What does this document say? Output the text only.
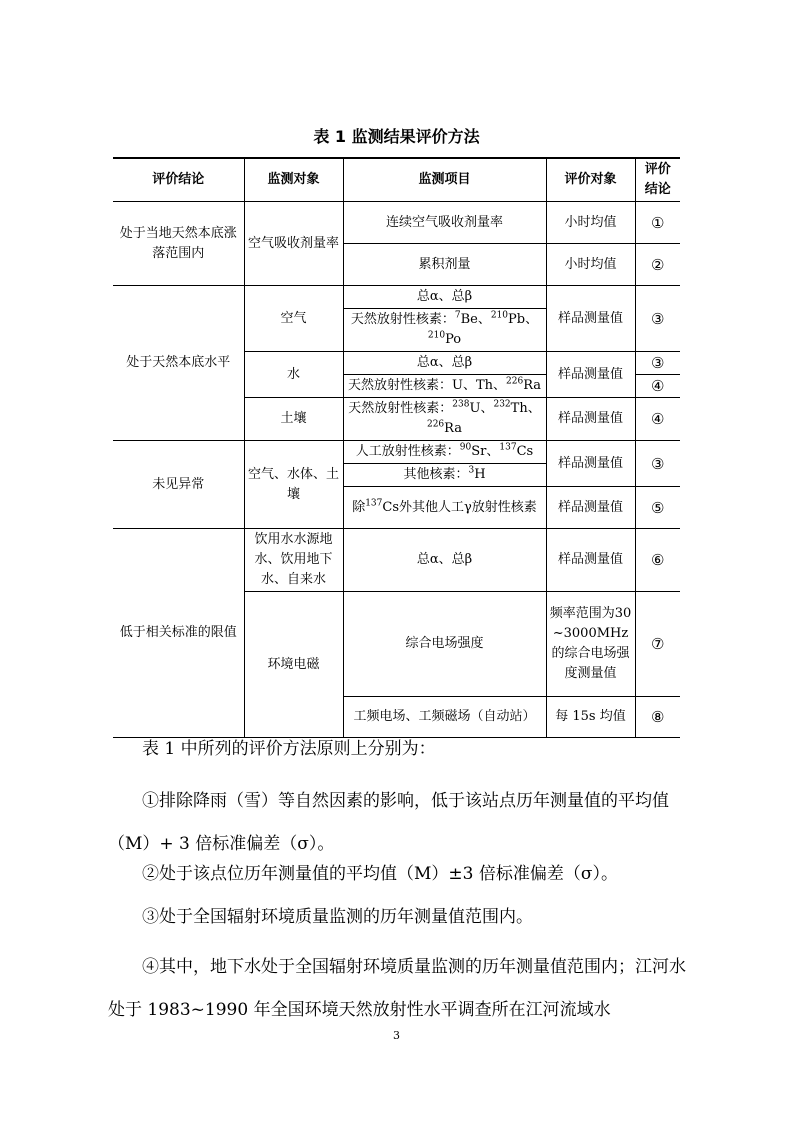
表 1 监测结果评价方法
评价结论	监测对象	监测项目	评价对象	评价结论
处于当地天然本底涨落范围内	空气吸收剂量率	连续空气吸收剂量率	小时均值	①
		累积剂量	小时均值	②
处于天然本底水平	空气	总α、总β	样品测量值	③
		天然放射性核素：$^7$Be、$^{210}$Pb、$^{210}$Po		
	水	总α、总β	样品测量值	③
		天然放射性核素：U、Th、$^{226}$Ra		④
	土壤	天然放射性核素：$^{238}$U、$^{232}$Th、$^{226}$Ra	样品测量值	④
未见异常	空气、水体、土壤	人工放射性核素：$^{90}$Sr、$^{137}$Cs	样品测量值	③
		其他核素：$^3$H		
		除$^{137}$Cs外其他人工γ放射性核素	样品测量值	⑤
低于相关标准的限值	饮用水水源地水、饮用地下水、自来水	总α、总β	样品测量值	⑥
	环境电磁	综合电场强度	频率范围为30~3000MHz的综合电场强度测量值	⑦
		工频电场、工频磁场（自动站）	每 15s 均值	⑧
表 1 中所列的评价方法原则上分别为：
①排除降雨（雪）等自然因素的影响，低于该站点历年测量值的平均值（M）+ 3 倍标准偏差（σ）。
②处于该点位历年测量值的平均值（M）±3 倍标准偏差（σ）。
③处于全国辐射环境质量监测的历年测量值范围内。
④其中，地下水处于全国辐射环境质量监测的历年测量值范围内；江河水处于 1983~1990 年全国环境天然放射性水平调查所在江河流域水
3
